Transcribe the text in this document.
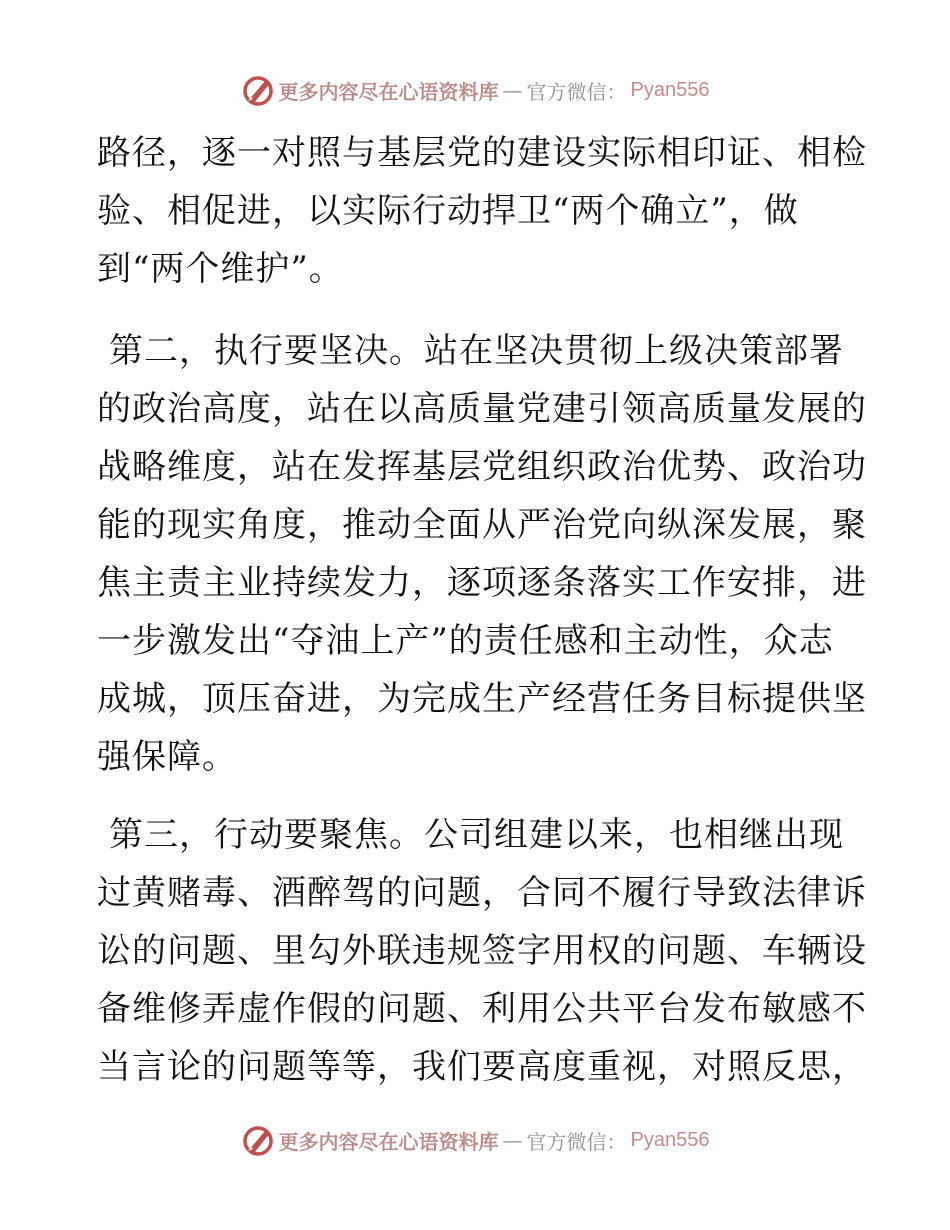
更多内容尽在心语资料库 — 官方微信： Pyan556

路径，逐一对照与基层党的建设实际相印证、相检
验、相促进，以实际行动捍卫“两个确立”，做
到“两个维护”。

第二，执行要坚决。站在坚决贯彻上级决策部署
的政治高度，站在以高质量党建引领高质量发展的
战略维度，站在发挥基层党组织政治优势、政治功
能的现实角度，推动全面从严治党向纵深发展，聚
焦主责主业持续发力，逐项逐条落实工作安排，进
一步激发出“夺油上产”的责任感和主动性，众志
成城，顶压奋进，为完成生产经营任务目标提供坚
强保障。

第三，行动要聚焦。公司组建以来，也相继出现
过黄赌毒、酒醉驾的问题，合同不履行导致法律诉
讼的问题、里勾外联违规签字用权的问题、车辆设
备维修弄虚作假的问题、利用公共平台发布敏感不
当言论的问题等等，我们要高度重视，对照反思，

更多内容尽在心语资料库 — 官方微信： Pyan556
